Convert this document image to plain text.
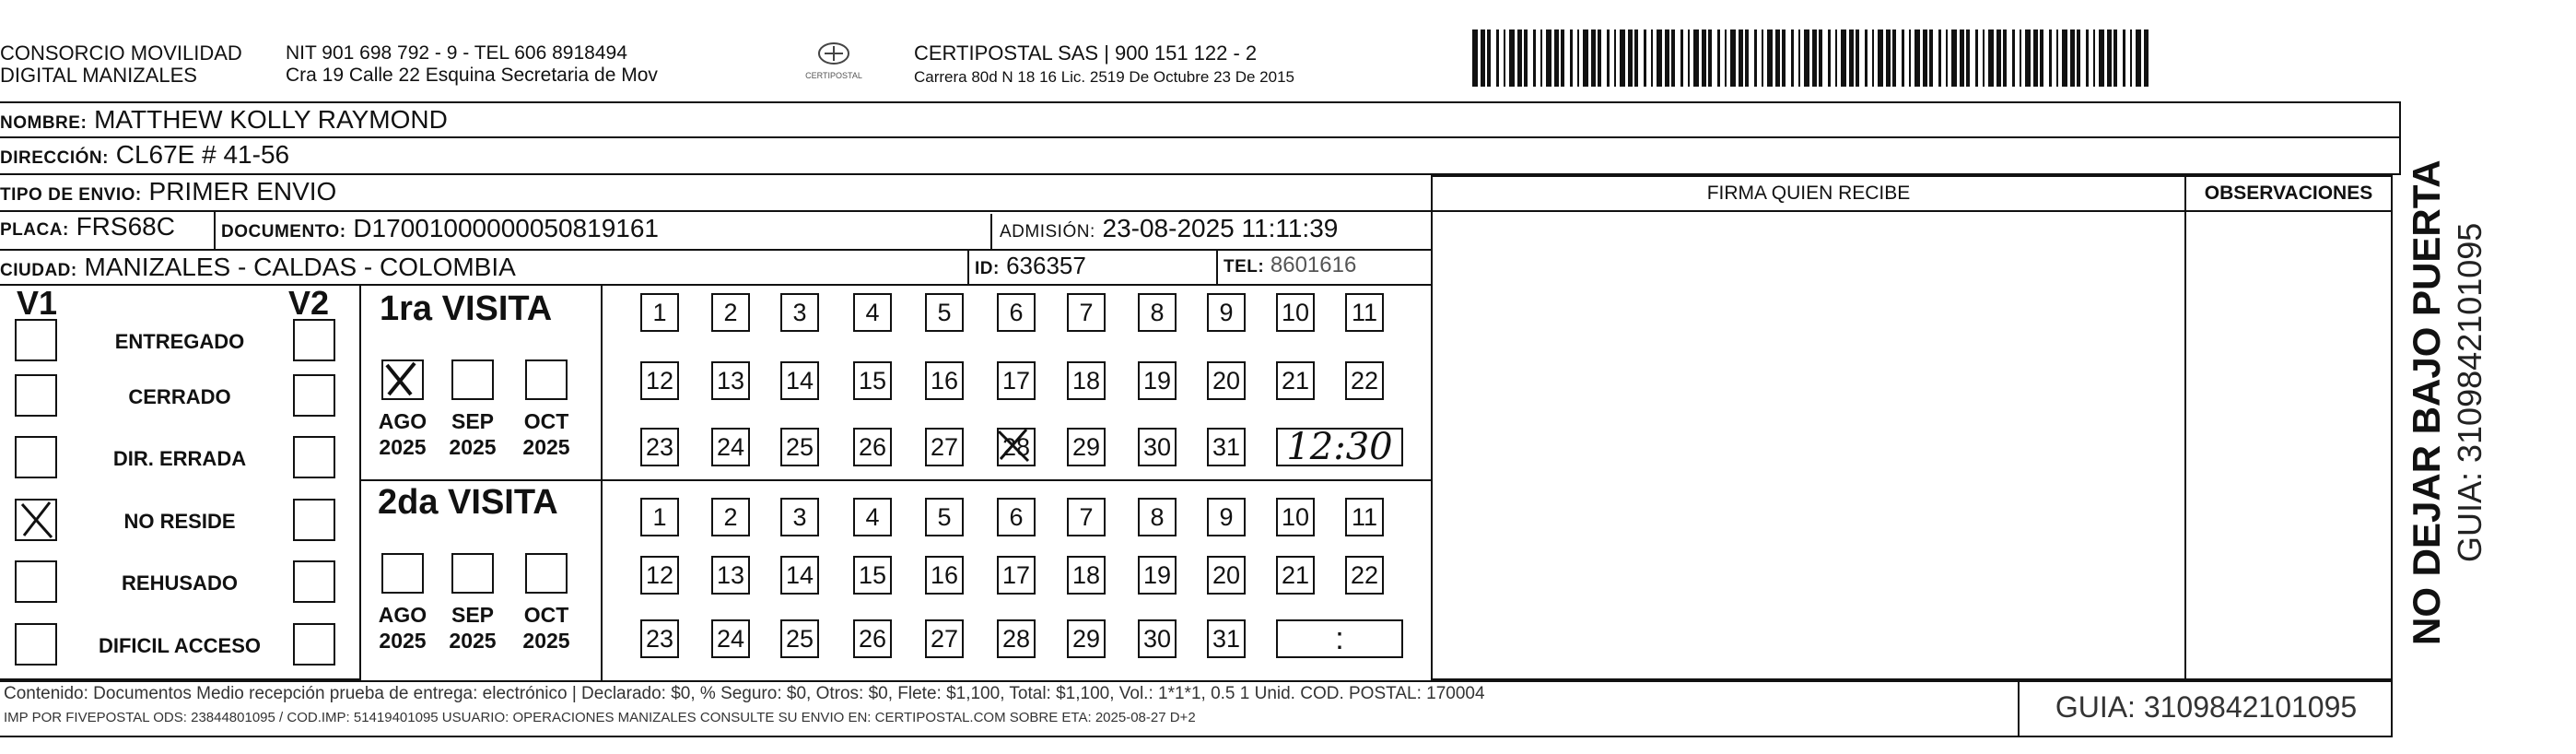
CONSORCIO MOVILIDAD
DIGITAL MANIZALES
NIT 901 698 792 - 9 - TEL 606 8918494
Cra 19 Calle 22 Esquina Secretaria de Mov	CERTIPOSTAL
CERTIPOSTAL SAS | 900 151 122 - 2
Carrera 80d N 18 16 Lic. 2519 De Octubre 23 De 2015
NOMBRE: MATTHEW KOLLY RAYMOND
DIRECCIÓN: CL67E # 41-56
TIPO DE ENVIO: PRIMER ENVIO
PLACA: FRS68C	DOCUMENTO: D17001000000050819161	ADMISIÓN: 23-08-2025 11:11:39
CIUDAD: MANIZALES - CALDAS - COLOMBIA	ID: 636357	TEL: 8601616
FIRMA QUIEN RECIBE	OBSERVACIONES
V1	V2
ENTREGADO
CERRADO
DIR. ERRADA
NO RESIDE
REHUSADO
DIFICIL ACCESO
1ra VISITA
2da VISITA
AGO
2025
SEP
2025
OCT
2025
AGO
2025
SEP
2025
OCT
2025
1	2	3	4	5	6	7	8	9	10 11
12 13 14 15 16 17 18 19 20 21 22
23 24 25 26 27 28 29 30 31 12:30
1	2	3	4	5	6	7	8	9	10 11
12 13 14 15 16 17 18 19 20 21 22
23 24 25 26 27 28 29 30 31	:
Contenido: Documentos Medio recepción prueba de entrega: electrónico | Declarado: $0, % Seguro: $0, Otros: $0, Flete: $1,100, Total: $1,100, Vol.: 1*1*1, 0.5 1 Unid. COD. POSTAL: 170004
IMP POR FIVEPOSTAL ODS: 23844801095 / COD.IMP: 51419401095 USUARIO: OPERACIONES MANIZALES CONSULTE SU ENVIO EN: CERTIPOSTAL.COM SOBRE ETA: 2025-08-27 D+2	GUIA: 3109842101095
NO DEJAR BAJO PUERTA GUIA: 3109842101095
